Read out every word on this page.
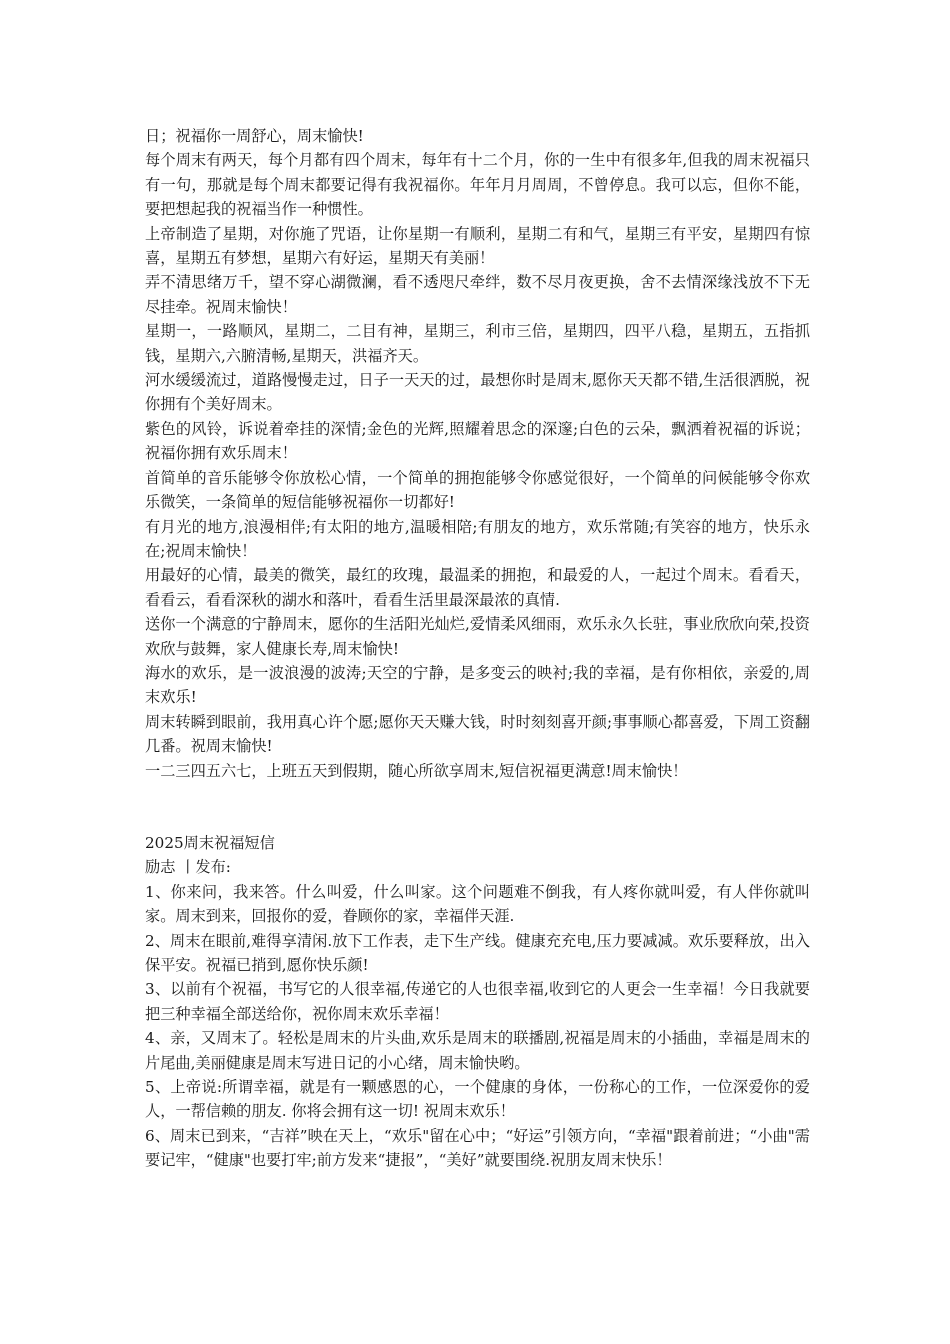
日；祝福你一周舒心，周末愉快!

每个周末有两天，每个月都有四个周末，每年有十二个月，你的一生中有很多年,但我的周末祝福只有一句，那就是每个周末都要记得有我祝福你。年年月月周周，不曾停息。我可以忘，但你不能，要把想起我的祝福当作一种惯性。

上帝制造了星期，对你施了咒语，让你星期一有顺利，星期二有和气，星期三有平安，星期四有惊喜，星期五有梦想，星期六有好运，星期天有美丽！

弄不清思绪万千，望不穿心湖微澜，看不透咫尺牵绊，数不尽月夜更换，舍不去情深缘浅放不下无尽挂牵。祝周末愉快！

星期一，一路顺风，星期二，二目有神，星期三，利市三倍，星期四，四平八稳，星期五，五指抓钱，星期六,六腑清畅,星期天，洪福齐天。

河水缓缓流过，道路慢慢走过，日子一天天的过，最想你时是周末,愿你天天都不错,生活很洒脱，祝你拥有个美好周末。

紫色的风铃，诉说着牵挂的深情;金色的光辉,照耀着思念的深邃;白色的云朵，飘洒着祝福的诉说；祝福你拥有欢乐周末！

首简单的音乐能够令你放松心情，一个简单的拥抱能够令你感觉很好，一个简单的问候能够令你欢乐微笑，一条简单的短信能够祝福你一切都好!

有月光的地方,浪漫相伴;有太阳的地方,温暖相陪;有朋友的地方，欢乐常随;有笑容的地方，快乐永在;祝周末愉快！

用最好的心情，最美的微笑，最红的玫瑰，最温柔的拥抱，和最爱的人，一起过个周末。看看天，看看云，看看深秋的湖水和落叶，看看生活里最深最浓的真情.

送你一个满意的宁静周末，愿你的生活阳光灿烂,爱情柔风细雨，欢乐永久长驻，事业欣欣向荣,投资欢欣与鼓舞，家人健康长寿,周末愉快!

海水的欢乐，是一波浪漫的波涛;天空的宁静，是多变云的映衬;我的幸福，是有你相依，亲爱的,周末欢乐!

周末转瞬到眼前，我用真心许个愿;愿你天天赚大钱，时时刻刻喜开颜;事事顺心都喜爱，下周工资翻几番。祝周末愉快!

一二三四五六七，上班五天到假期，随心所欲享周末,短信祝福更满意!周末愉快！

2025周末祝福短信

励志 丨发布:

1、你来问，我来答。什么叫爱，什么叫家。这个问题难不倒我，有人疼你就叫爱，有人伴你就叫家。周末到来，回报你的爱，眷顾你的家，幸福伴天涯.

2、周末在眼前,难得享清闲.放下工作表，走下生产线。健康充充电,压力要减减。欢乐要释放，出入保平安。祝福已捎到,愿你快乐颜!

3、以前有个祝福，书写它的人很幸福,传递它的人也很幸福,收到它的人更会一生幸福！今日我就要把三种幸福全部送给你，祝你周末欢乐幸福！

4、亲，又周末了。轻松是周末的片头曲,欢乐是周末的联播剧,祝福是周末的小插曲，幸福是周末的片尾曲,美丽健康是周末写进日记的小心绪，周末愉快哟。

5、上帝说:所谓幸福，就是有一颗感恩的心，一个健康的身体，一份称心的工作，一位深爱你的爱人，一帮信赖的朋友. 你将会拥有这一切! 祝周末欢乐！

6、周末已到来，“吉祥”映在天上，“欢乐"留在心中；“好运”引领方向，“幸福"跟着前进；“小曲"需要记牢，“健康"也要打牢;前方发来“捷报”，“美好”就要围绕.祝朋友周末快乐！
